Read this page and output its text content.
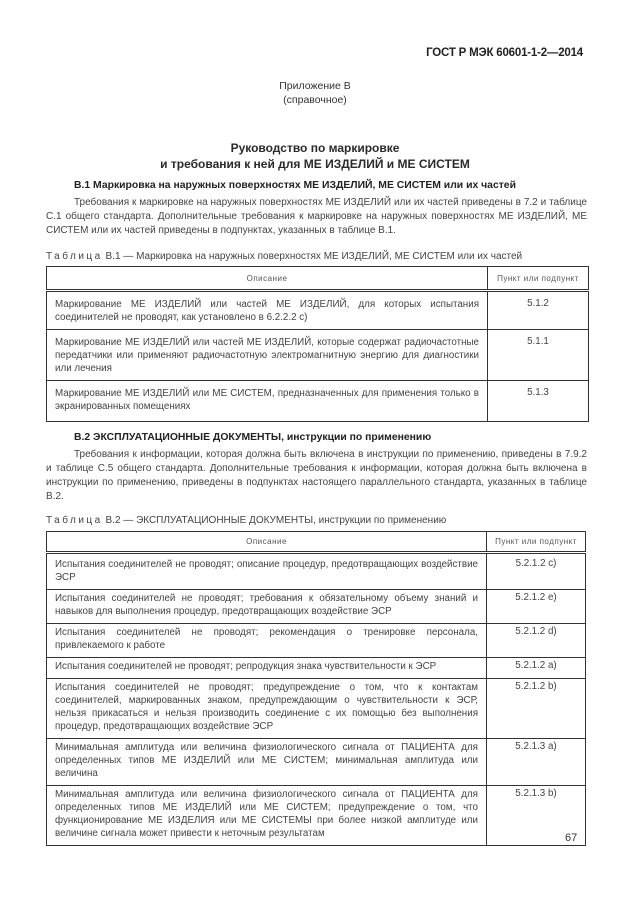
ГОСТ Р МЭК 60601-1-2—2014
Приложение В
(справочное)
Руководство по маркировке
и требования к ней для МЕ ИЗДЕЛИЙ и МЕ СИСТЕМ
В.1 Маркировка на наружных поверхностях МЕ ИЗДЕЛИЙ, МЕ СИСТЕМ или их частей

Требования к маркировке на наружных поверхностях МЕ ИЗДЕЛИЙ или их частей приведены в 7.2 и таблице С.1 общего стандарта. Дополнительные требования к маркировке на наружных поверхностях МЕ ИЗДЕЛИЙ, МЕ СИСТЕМ или их частей приведены в подпунктах, указанных в таблице В.1.

Таблица В.1 — Маркировка на наружных поверхностях МЕ ИЗДЕЛИЙ, МЕ СИСТЕМ или их частей
Описание	Пункт или подпункт
Маркирование МЕ ИЗДЕЛИЙ или частей МЕ ИЗДЕЛИЙ, для которых испытания соединителей не проводят, как установлено в 6.2.2.2 с)	5.1.2
Маркирование МЕ ИЗДЕЛИЙ или частей МЕ ИЗДЕЛИЙ, которые содержат радиочастотные передатчики или применяют радиочастотную электромагнитную энергию для диагностики или лечения	5.1.1
Маркирование МЕ ИЗДЕЛИЙ или МЕ СИСТЕМ, предназначенных для применения только в экранированных помещениях	5.1.3
В.2 ЭКСПЛУАТАЦИОННЫЕ ДОКУМЕНТЫ, инструкции по применению

Требования к информации, которая должна быть включена в инструкции по применению, приведены в 7.9.2 и таблице С.5 общего стандарта. Дополнительные требования к информации, которая должна быть включена в инструкции по применению, приведены в подпунктах настоящего параллельного стандарта, указанных в таблице В.2.

Таблица В.2 — ЭКСПЛУАТАЦИОННЫЕ ДОКУМЕНТЫ, инструкции по применению
Описание	Пункт или подпункт
Испытания соединителей не проводят; описание процедур, предотвращающих воздействие ЭСР	5.2.1.2 с)
Испытания соединителей не проводят; требования к обязательному объему знаний и навыков для выполнения процедур, предотвращающих воздействие ЭСР	5.2.1.2 е)
Испытания соединителей не проводят; рекомендация о тренировке персонала, привлекаемого к работе	5.2.1.2 d)
Испытания соединителей не проводят; репродукция знака чувствительности к ЭСР	5.2.1.2 а)
Испытания соединителей не проводят; предупреждение о том, что к контактам соединителей, маркированных знаком, предупреждающим о чувствительности к ЭСР, нельзя прикасаться и нельзя производить соединение с их помощью без выполнения процедур, предотвращающих воздействие ЭСР	5.2.1.2 b)
Минимальная амплитуда или величина физиологического сигнала от ПАЦИЕНТА для определенных типов МЕ ИЗДЕЛИЙ или МЕ СИСТЕМ; минимальная амплитуда или величина	5.2.1.3 а)
Минимальная амплитуда или величина физиологического сигнала от ПАЦИЕНТА для определенных типов МЕ ИЗДЕЛИЙ или МЕ СИСТЕМ; предупреждение о том, что функционирование МЕ ИЗДЕЛИЯ или МЕ СИСТЕМЫ при более низкой амплитуде или величине сигнала может привести к неточным результатам	5.2.1.3 b)
67
